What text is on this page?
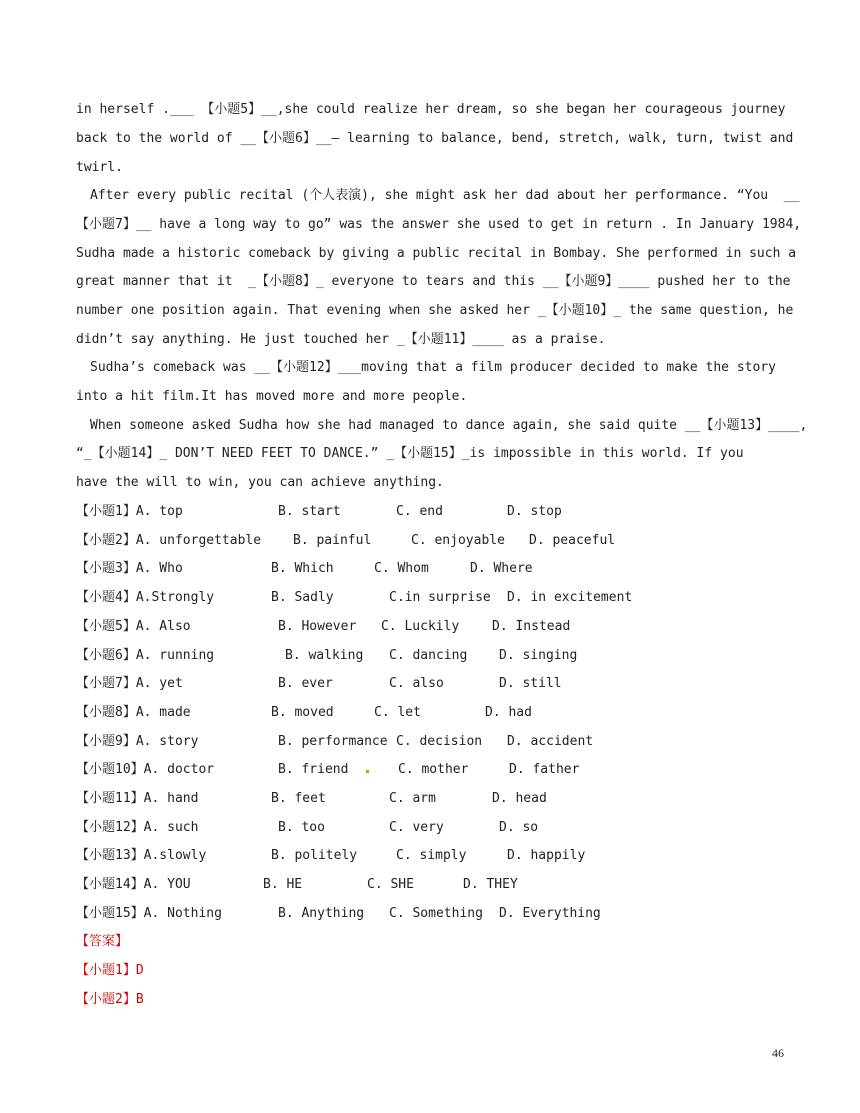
in herself .___ 【小题5】__,she could realize her dream, so she began her courageous journey
back to the world of __【小题6】__— learning to balance, bend, stretch, walk, turn, twist and
twirl.
After every public recital (个人表演), she might ask her dad about her performance. “You  __
【小题7】__ have a long way to go” was the answer she used to get in return . In January 1984,
Sudha made a historic comeback by giving a public recital in Bombay. She performed in such a
great manner that it  _【小题8】_ everyone to tears and this __【小题9】____ pushed her to the
number one position again. That evening when she asked her _【小题10】_ the same question, he
didn’t say anything. He just touched her _【小题11】____ as a praise.
Sudha’s comeback was __【小题12】___moving that a film producer decided to make the story
into a hit film.It has moved more and more people.
When someone asked Sudha how she had managed to dance again, she said quite __【小题13】____,
“_【小题14】_ DON’T NEED FEET TO DANCE.” _【小题15】_is impossible in this world. If you
have the will to win, you can achieve anything.
【小题1】A. top	B. start	C. end	D. stop
【小题2】A. unforgettable B. painful	C. enjoyable D. peaceful
【小题3】A. Who	B. Which	C. Whom	D. Where
【小题4】A.Strongly	B. Sadly	C.in surprise D. in excitement
【小题5】A. Also	B. However C. Luckily	D. Instead
【小题6】A. running	B. walking C. dancing D. singing
【小题7】A. yet	B. ever	C. also	D. still
【小题8】A. made	B. moved	C. let	D. had
【小题9】A. story	B. performance C. decision D. accident
【小题10】A. doctor	B. friend	C. mother	D. father
【小题11】A. hand	B. feet	C. arm	D. head
【小题12】A. such	B. too	C. very	D. so
【小题13】A.slowly	B. politely	C. simply	D. happily
【小题14】A. YOU	B. HE	C. SHE	D. THEY
【小题15】A. Nothing	B. Anything C. Something D. Everything
【答案】
【小题1】D
【小题2】B
46
